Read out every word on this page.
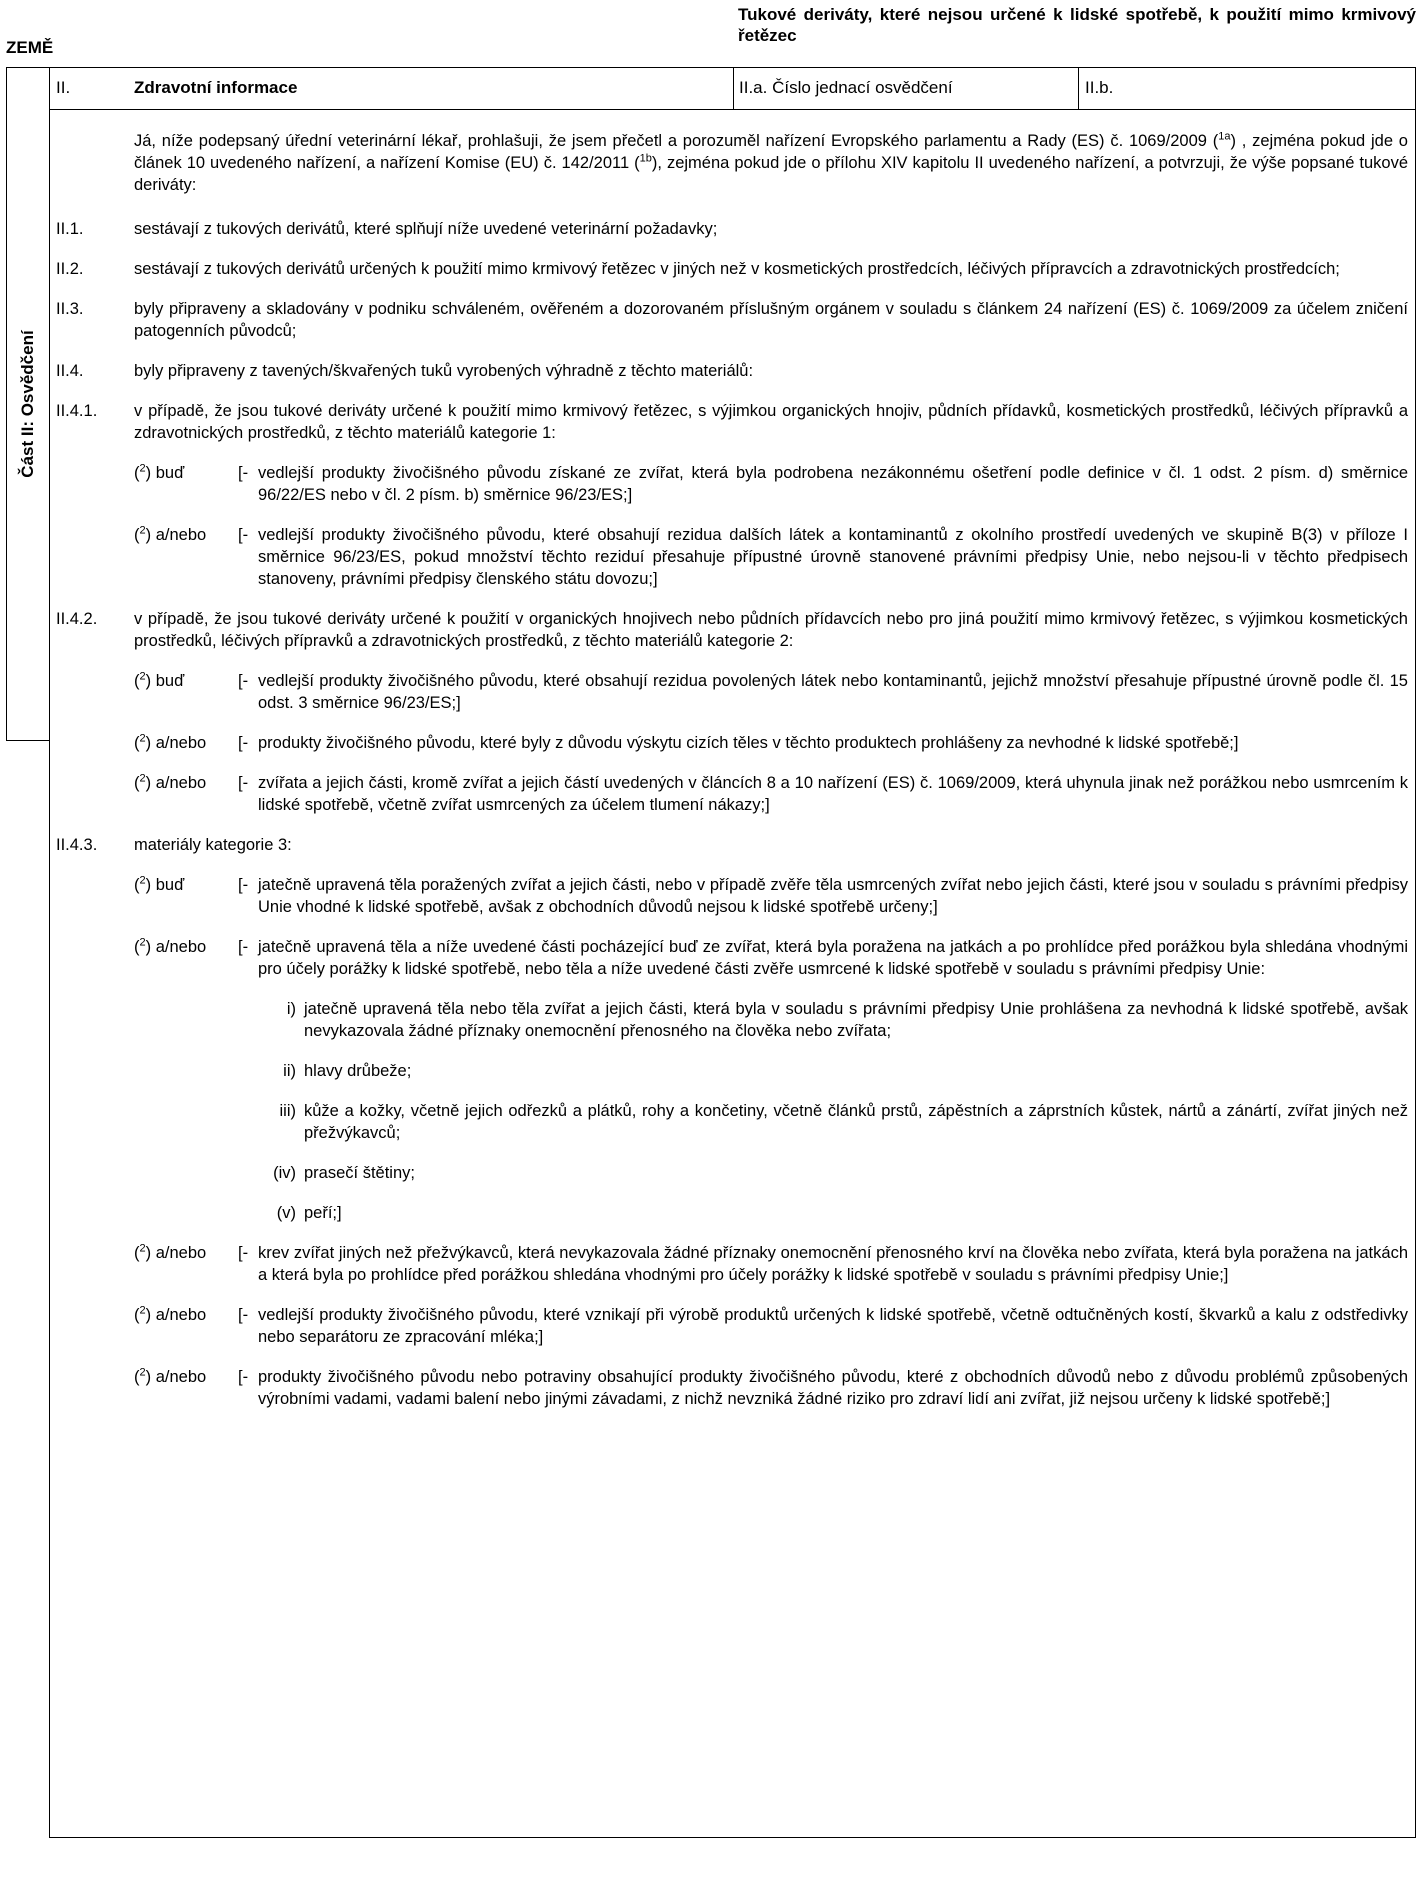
ZEMĚ
Tukové deriváty, které nejsou určené k lidské spotřebě, k použití mimo krmivový řetězec
Část II: Osvědčení
II.	Zdravotní informace	II.a. Číslo jednací osvědčení	II.b.
Já, níže podepsaný úřední veterinární lékař, prohlašuji, že jsem přečetl a porozuměl nařízení Evropského parlamentu a Rady (ES) č. 1069/2009 ($^{1a}$) , zejména pokud jde o článek 10 uvedeného nařízení, a nařízení Komise (EU) č. 142/2011 ($^{1b}$), zejména pokud jde o přílohu XIV kapitolu II uvedeného nařízení, a potvrzuji, že výše popsané tukové deriváty:
II.1.	sestávají z tukových derivátů, které splňují níže uvedené veterinární požadavky;
II.2.	sestávají z tukových derivátů určených k použití mimo krmivový řetězec v jiných než v kosmetických prostředcích, léčivých přípravcích a zdravotnických prostředcích;
II.3.	byly připraveny a skladovány v podniku schváleném, ověřeném a dozorovaném příslušným orgánem v souladu s článkem 24 nařízení (ES) č. 1069/2009 za účelem zničení patogenních původců;
II.4.	byly připraveny z tavených/škvařených tuků vyrobených výhradně z těchto materiálů:
II.4.1.	v případě, že jsou tukové deriváty určené k použití mimo krmivový řetězec, s výjimkou organických hnojiv, půdních přídavků, kosmetických prostředků, léčivých přípravků a zdravotnických prostředků, z těchto materiálů kategorie 1:
($^2$) buď	[- vedlejší produkty živočišného původu získané ze zvířat, která byla podrobena nezákonnému ošetření podle definice v čl. 1 odst. 2 písm. d) směrnice 96/22/ES nebo v čl. 2 písm. b) směrnice 96/23/ES;]
($^2$) a/nebo	[- vedlejší produkty živočišného původu, které obsahují rezidua dalších látek a kontaminantů z okolního prostředí uvedených ve skupině B(3) v příloze I směrnice 96/23/ES, pokud množství těchto reziduí přesahuje přípustné úrovně stanovené právními předpisy Unie, nebo nejsou-li v těchto předpisech stanoveny, právními předpisy členského státu dovozu;]
II.4.2.	v případě, že jsou tukové deriváty určené k použití v organických hnojivech nebo půdních přídavcích nebo pro jiná použití mimo krmivový řetězec, s výjimkou kosmetických prostředků, léčivých přípravků a zdravotnických prostředků, z těchto materiálů kategorie 2:
($^2$) buď	[- vedlejší produkty živočišného původu, které obsahují rezidua povolených látek nebo kontaminantů, jejichž množství přesahuje přípustné úrovně podle čl. 15 odst. 3 směrnice 96/23/ES;]
($^2$) a/nebo	[- produkty živočišného původu, které byly z důvodu výskytu cizích těles v těchto produktech prohlášeny za nevhodné k lidské spotřebě;]
($^2$) a/nebo	[- zvířata a jejich části, kromě zvířat a jejich částí uvedených v článcích 8 a 10 nařízení (ES) č. 1069/2009, která uhynula jinak než porážkou nebo usmrcením k lidské spotřebě, včetně zvířat usmrcených za účelem tlumení nákazy;]
II.4.3.	materiály kategorie 3:
($^2$) buď	[- jatečně upravená těla poražených zvířat a jejich části, nebo v případě zvěře těla usmrcených zvířat nebo jejich části, které jsou v souladu s právními předpisy Unie vhodné k lidské spotřebě, avšak z obchodních důvodů nejsou k lidské spotřebě určeny;]
($^2$) a/nebo	[- jatečně upravená těla a níže uvedené části pocházející buď ze zvířat, která byla poražena na jatkách a po prohlídce před porážkou byla shledána vhodnými pro účely porážky k lidské spotřebě, nebo těla a níže uvedené části zvěře usmrcené k lidské spotřebě v souladu s právními předpisy Unie:
i) jatečně upravená těla nebo těla zvířat a jejich části, která byla v souladu s právními předpisy Unie prohlášena za nevhodná k lidské spotřebě, avšak nevykazovala žádné příznaky onemocnění přenosného na člověka nebo zvířata;
ii) hlavy drůbeže;
iii) kůže a kožky, včetně jejich odřezků a plátků, rohy a končetiny, včetně článků prstů, zápěstních a záprstních kůstek, nártů a zánártí, zvířat jiných než přežvýkavců;
(iv) prasečí štětiny;
(v) peří;]
($^2$) a/nebo	[- krev zvířat jiných než přežvýkavců, která nevykazovala žádné příznaky onemocnění přenosného krví na člověka nebo zvířata, která byla poražena na jatkách a která byla po prohlídce před porážkou shledána vhodnými pro účely porážky k lidské spotřebě v souladu s právními předpisy Unie;]
($^2$) a/nebo	[- vedlejší produkty živočišného původu, které vznikají při výrobě produktů určených k lidské spotřebě, včetně odtučněných kostí, škvarků a kalu z odstředivky nebo separátoru ze zpracování mléka;]
($^2$) a/nebo	[- produkty živočišného původu nebo potraviny obsahující produkty živočišného původu, které z obchodních důvodů nebo z důvodu problémů způsobených výrobními vadami, vadami balení nebo jinými závadami, z nichž nevzniká žádné riziko pro zdraví lidí ani zvířat, již nejsou určeny k lidské spotřebě;]
